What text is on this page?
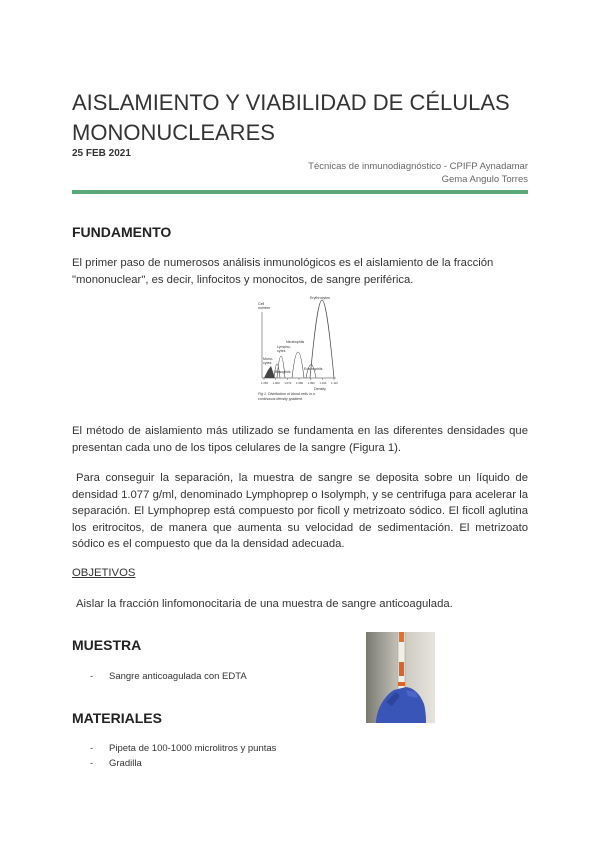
AISLAMIENTO Y VIABILIDAD DE CÉLULAS MONONUCLEARES
25 FEB 2021
Técnicas de inmunodiagnóstico - CPIFP Aynadamar
Gema Angulo Torres
FUNDAMENTO

El primer paso de numerosos análisis inmunológicos es el aislamiento de la fracción "mononuclear", es decir, linfocitos y monocitos, de sangre periférica.

Cell
number
Erythrocytes
Neutrophils
Lympho-
cytes
Mono-
cytes
Basophils
Eosinophils
1.050 1.060 1.070 1.080 1.090 1.100 1.110
Density
Fig 1. Distribution of blood cells in a
continuous density gradient.

El método de aislamiento más utilizado se fundamenta en las diferentes densidades que presentan cada uno de los tipos celulares de la sangre (Figura 1).

Para conseguir la separación, la muestra de sangre se deposita sobre un líquido de densidad 1.077 g/ml, denominado Lymphoprep o Isolymph, y se centrifuga para acelerar la separación. El Lymphoprep está compuesto por ficoll y metrizoato sódico. El ficoll aglutina los eritrocitos, de manera que aumenta su velocidad de sedimentación. El metrizoato sódico es el compuesto que da la densidad adecuada.

OBJETIVOS

Aislar la fracción linfomonocitaria de una muestra de sangre anticoagulada.

MUESTRA
- Sangre anticoagulada con EDTA
MATERIALES
- Pipeta de 100-1000 microlitros y puntas
- Gradilla
